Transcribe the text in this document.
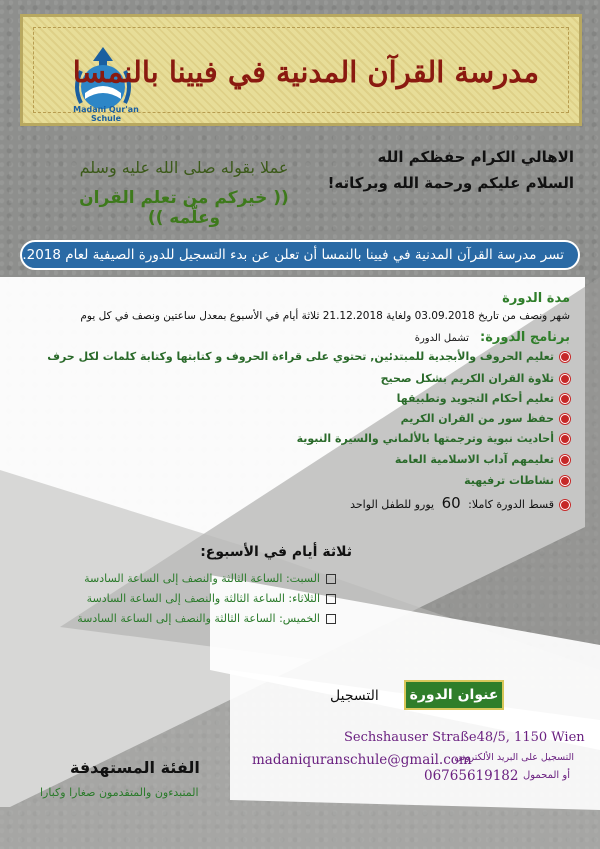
Madani Qur'an Schule
مدرسة القرآن المدنية في فيينا بالنمسا
الاهالي الكرام حفظكم الله
السلام عليكم ورحمة الله وبركاته!
عملا بقوله صلى الله عليه وسلم
(( خيركم من تعلم القران وعلّمه ))
تسر مدرسة القرآن المدنية في فيينا بالنمسا أن تعلن عن بدء التسجيل للدورة الصيفية لعام 2018.
مدة الدورة
شهر ونصف من تاريخ 03.09.2018 ولغاية 21.12.2018 ثلاثة أيام في الأسبوع بمعدل ساعتين ونصف في كل يوم
برنامج الدورة: تشمل الدورة
تعليم الحروف والأبجدية للمبتدئين, تحتوي على قراءة الحروف و كتابتها وكتابة كلمات لكل حرف
تلاوة القران الكريم بشكل صحيح
تعليم أحكام التجويد وتطبيقها
حفظ سور من القران الكريم
أحاديث نبوية وترجمتها بالألماني والسيرة النبوية
تعليمهم آداب الاسلامية العامة
نشاطات ترفيهية
قسط الدورة كاملا: 60 يورو للطفل الواحد
ثلاثة أيام في الأسبوع:
السبت: الساعة الثالثة والنصف إلى الساعة السادسة
الثلاثاء: الساعة الثالثة والنصف إلى الساعة السادسة
الخميس: الساعة الثالثة والنصف إلى الساعة السادسة
التسجيل	عنوان الدورة
Sechshauser Straße48/5, 1150 Wien
madaniquranschule@gmail.com
التسجيل على البريد الألكتروني
أو المحمول
06765619182
الفئة المستهدفة
المتبدءون والمتقدمون صغارا وكبارا
